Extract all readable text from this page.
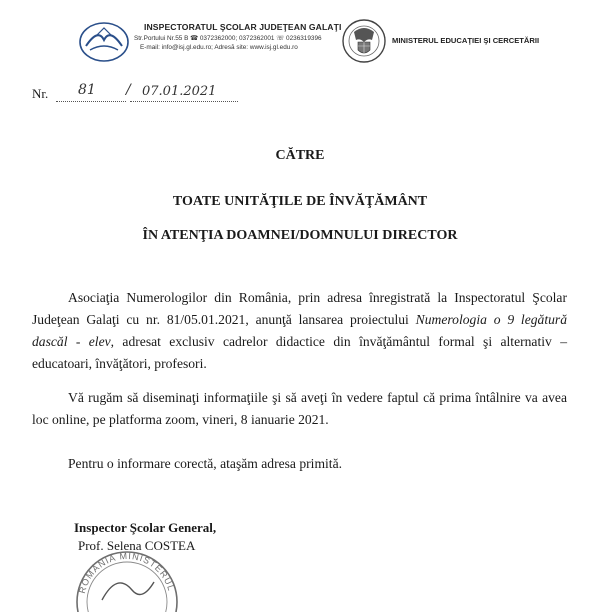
INSPECTORATUL ŞCOLAR JUDEŢEAN GALAŢI
Str.Portului Nr.55 B ☎ 0372362000; 0372362001 ☏ 0236319396
E-mail: info@isj.gl.edu.ro; Adresă site: www.isj.gl.edu.ro
MINISTERUL EDUCAŢIEI ŞI CERCETĂRII
Nr. 81	07.01.2021
/
CĂTRE
TOATE UNITĂŢILE DE ÎNVĂŢĂMÂNT
ÎN ATENŢIA DOAMNEI/DOMNULUI DIRECTOR

Asociaţia Numerologilor din România, prin adresa înregistrată la Inspectoratul Şcolar Judeţean Galaţi cu nr. 81/05.01.2021, anunţă lansarea proiectului Numerologia o 9 legătură dascăl - elev, adresat exclusiv cadrelor didactice din învăţământul formal şi alternativ – educatoari, învăţători, profesori.

Vă rugăm să diseminaţi informaţiile şi să aveţi în vedere faptul că prima întâlnire va avea loc online, pe platforma zoom, vineri, 8 ianuarie 2021.

Pentru o informare corectă, ataşăm adresa primită.

Inspector Şcolar General,
ROMÂNIA MINISTERUL
Prof. Selena COSTEA
